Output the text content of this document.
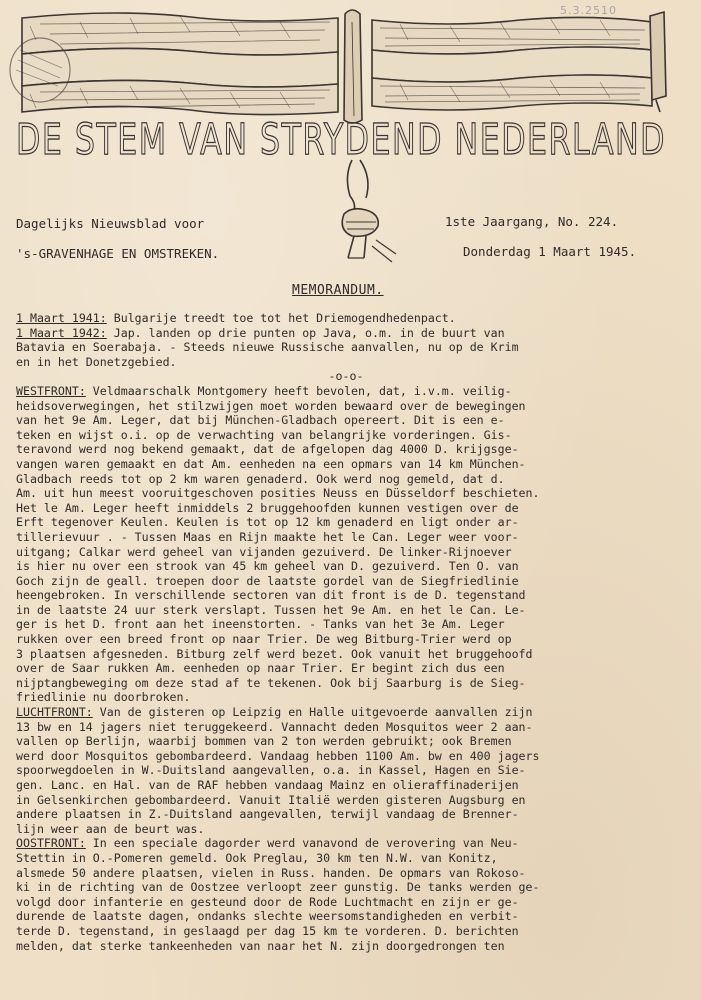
5.3.2510
DE STEM VAN STRYDEND NEDERLAND
Dagelijks Nieuwsblad voor
's-GRAVENHAGE EN OMSTREKEN.
1ste Jaargang, No. 224.
Donderdag 1 Maart 1945.
MEMORANDUM.
1 Maart 1941: Bulgarije treedt toe tot het Driemogendhedenpact.
1 Maart 1942: Jap. landen op drie punten op Java, o.m. in de buurt van
Batavia en Soerabaja. - Steeds nieuwe Russische aanvallen, nu op de Krim
en in het Donetzgebied.
-o-o-
WESTFRONT: Veldmaarschalk Montgomery heeft bevolen, dat, i.v.m. veilig-
heidsoverwegingen, het stilzwijgen moet worden bewaard over de bewegingen
van het 9e Am. Leger, dat bij München-Gladbach opereert. Dit is een e-
teken en wijst o.i. op de verwachting van belangrijke vorderingen. Gis-
teravond werd nog bekend gemaakt, dat de afgelopen dag 4000 D. krijgsge-
vangen waren gemaakt en dat Am. eenheden na een opmars van 14 km München-
Gladbach reeds tot op 2 km waren genaderd. Ook werd nog gemeld, dat d.
Am. uit hun meest vooruitgeschoven posities Neuss en Düsseldorf beschieten.
Het le Am. Leger heeft inmiddels 2 bruggehoofden kunnen vestigen over de
Erft tegenover Keulen. Keulen is tot op 12 km genaderd en ligt onder ar-
tillerievuur . - Tussen Maas en Rijn maakte het le Can. Leger weer voor-
uitgang; Calkar werd geheel van vijanden gezuiverd. De linker-Rijnoever
is hier nu over een strook van 45 km geheel van D. gezuiverd. Ten O. van
Goch zijn de geall. troepen door de laatste gordel van de Siegfriedlinie
heengebroken. In verschillende sectoren van dit front is de D. tegenstand
in de laatste 24 uur sterk verslapt. Tussen het 9e Am. en het le Can. Le-
ger is het D. front aan het ineenstorten. - Tanks van het 3e Am. Leger
rukken over een breed front op naar Trier. De weg Bitburg-Trier werd op
3 plaatsen afgesneden. Bitburg zelf werd bezet. Ook vanuit het bruggehoofd
over de Saar rukken Am. eenheden op naar Trier. Er begint zich dus een
nijptangbeweging om deze stad af te tekenen. Ook bij Saarburg is de Sieg-
friedlinie nu doorbroken.
LUCHTFRONT: Van de gisteren op Leipzig en Halle uitgevoerde aanvallen zijn
13 bw en 14 jagers niet teruggekeerd. Vannacht deden Mosquitos weer 2 aan-
vallen op Berlijn, waarbij bommen van 2 ton werden gebruikt; ook Bremen
werd door Mosquitos gebombardeerd. Vandaag hebben 1100 Am. bw en 400 jagers
spoorwegdoelen in W.-Duitsland aangevallen, o.a. in Kassel, Hagen en Sie-
gen. Lanc. en Hal. van de RAF hebben vandaag Mainz en olieraffinaderijen
in Gelsenkirchen gebombardeerd. Vanuit Italië werden gisteren Augsburg en
andere plaatsen in Z.-Duitsland aangevallen, terwijl vandaag de Brenner-
lijn weer aan de beurt was.
OOSTFRONT: In een speciale dagorder werd vanavond de verovering van Neu-
Stettin in O.-Pomeren gemeld. Ook Preglau, 30 km ten N.W. van Konitz,
alsmede 50 andere plaatsen, vielen in Russ. handen. De opmars van Rokoso-
ki in de richting van de Oostzee verloopt zeer gunstig. De tanks werden ge-
volgd door infanterie en gesteund door de Rode Luchtmacht en zijn er ge-
durende de laatste dagen, ondanks slechte weersomstandigheden en verbit-
terde D. tegenstand, in geslaagd per dag 15 km te vorderen. D. berichten
melden, dat sterke tankeenheden van naar het N. zijn doorgedrongen ten
